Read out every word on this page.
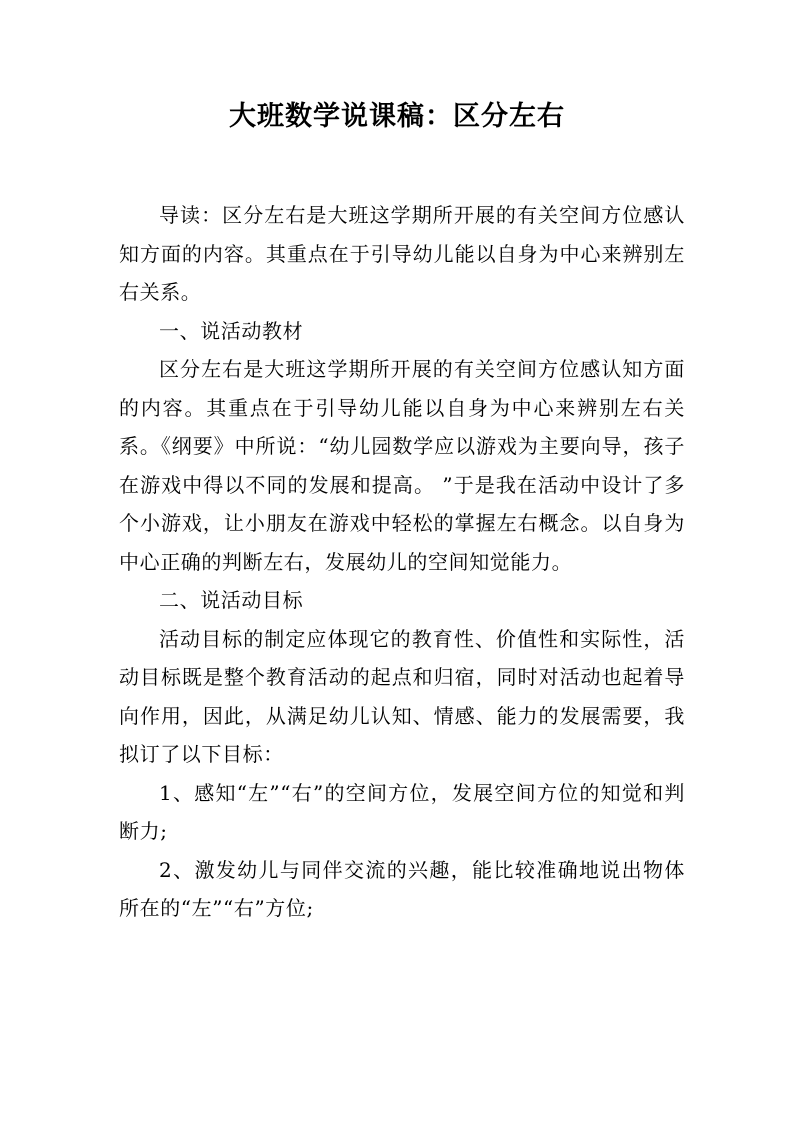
大班数学说课稿：区分左右

导读：区分左右是大班这学期所开展的有关空间方位感认知方面的内容。其重点在于引导幼儿能以自身为中心来辨别左右关系。

一、说活动教材

区分左右是大班这学期所开展的有关空间方位感认知方面的内容。其重点在于引导幼儿能以自身为中心来辨别左右关系。《纲要》中所说：“幼儿园数学应以游戏为主要向导，孩子在游戏中得以不同的发展和提高。 ”于是我在活动中设计了多个小游戏，让小朋友在游戏中轻松的掌握左右概念。以自身为中心正确的判断左右，发展幼儿的空间知觉能力。

二、说活动目标

活动目标的制定应体现它的教育性、价值性和实际性，活动目标既是整个教育活动的起点和归宿，同时对活动也起着导向作用，因此，从满足幼儿认知、情感、能力的发展需要，我拟订了以下目标：

1、感知“左”“右”的空间方位，发展空间方位的知觉和判断力;

2、激发幼儿与同伴交流的兴趣，能比较准确地说出物体所在的“左”“右”方位;
